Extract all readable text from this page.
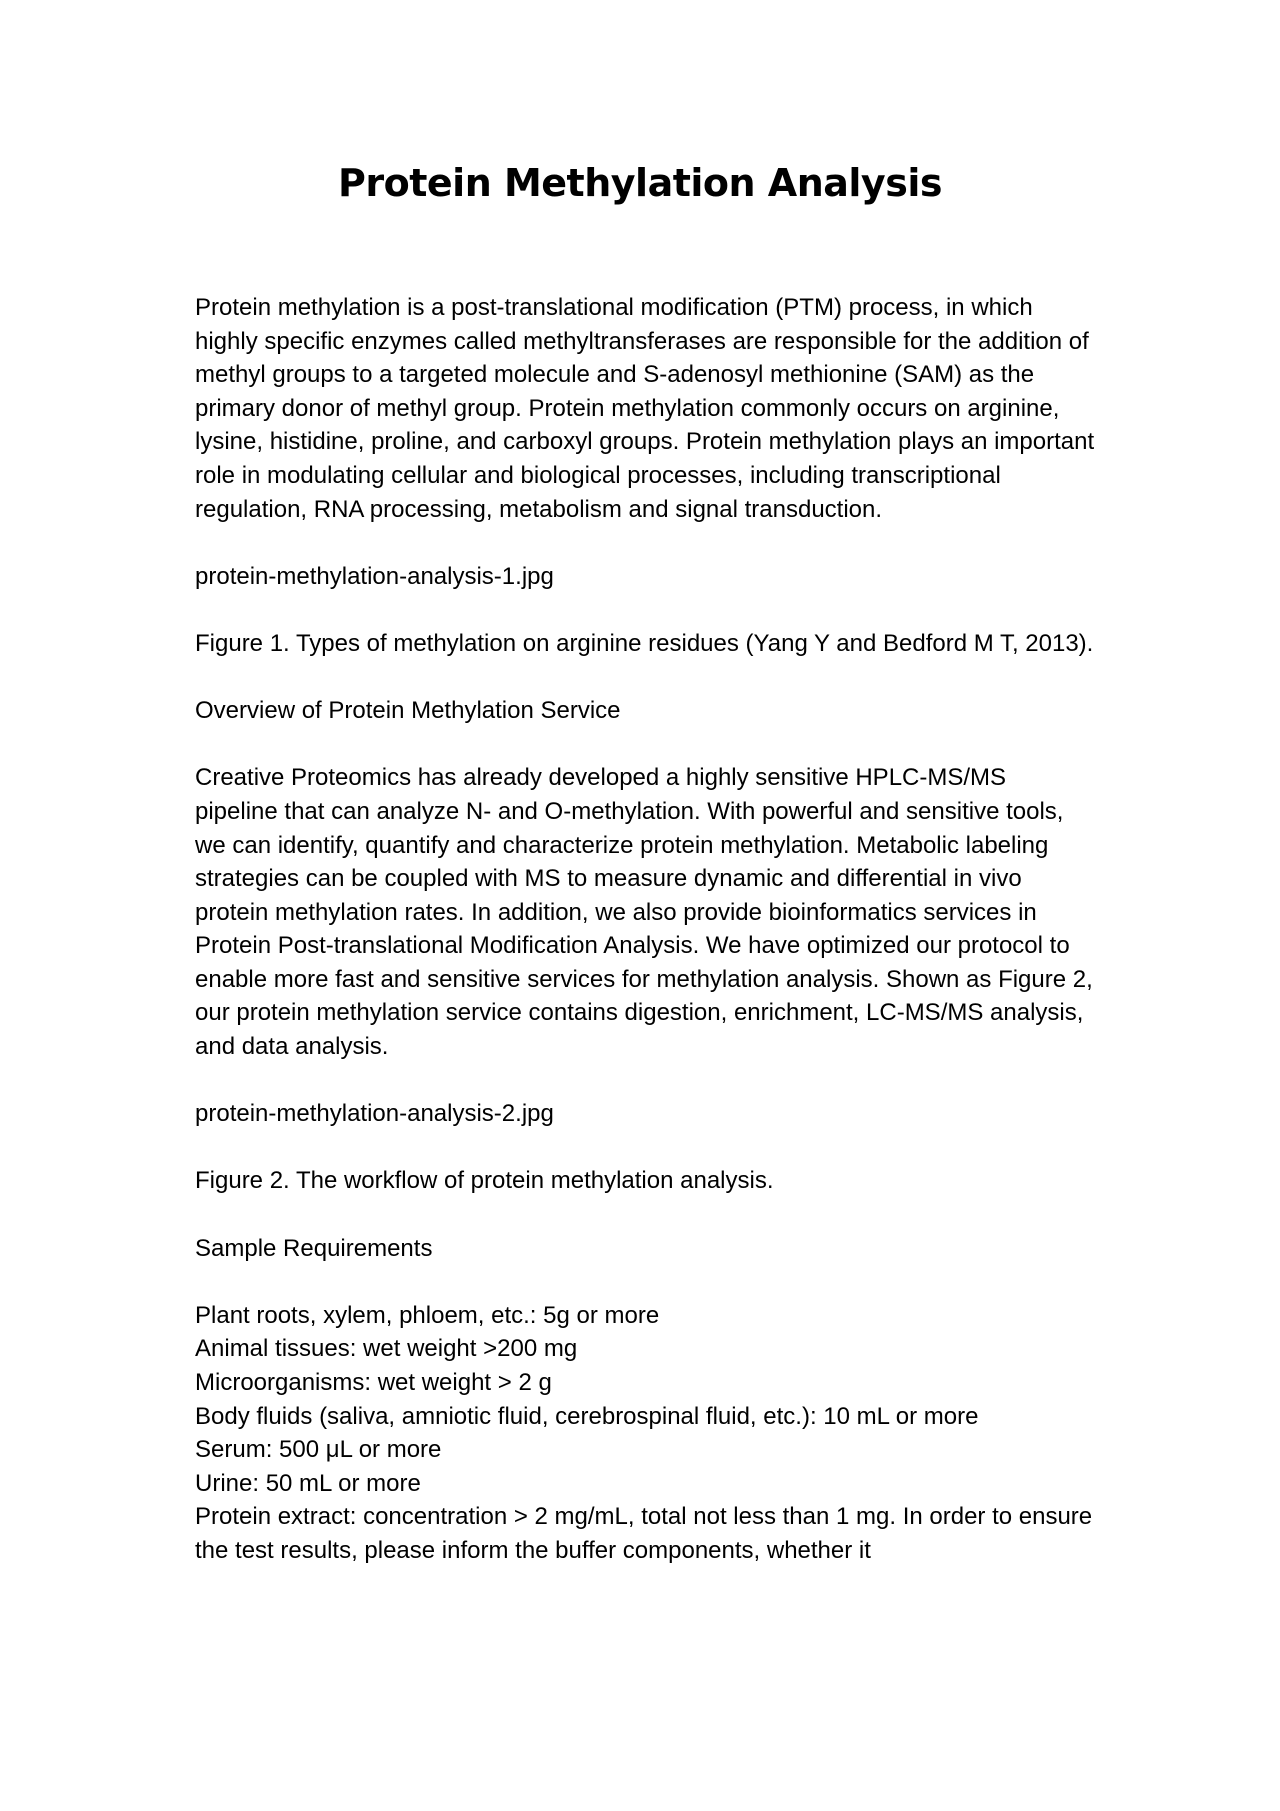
Protein Methylation Analysis

Protein methylation is a post-translational modification (PTM) process, in which highly specific enzymes called methyltransferases are responsible for the addition of methyl groups to a targeted molecule and S-adenosyl methionine (SAM) as the primary donor of methyl group. Protein methylation commonly occurs on arginine, lysine, histidine, proline, and carboxyl groups. Protein methylation plays an important role in modulating cellular and biological processes, including transcriptional regulation, RNA processing, metabolism and signal transduction.

protein-methylation-analysis-1.jpg

Figure 1. Types of methylation on arginine residues (Yang Y and Bedford M T, 2013).

Overview of Protein Methylation Service

Creative Proteomics has already developed a highly sensitive HPLC-MS/MS pipeline that can analyze N- and O-methylation. With powerful and sensitive tools, we can identify, quantify and characterize protein methylation. Metabolic labeling strategies can be coupled with MS to measure dynamic and differential in vivo protein methylation rates. In addition, we also provide bioinformatics services in Protein Post-translational Modification Analysis. We have optimized our protocol to enable more fast and sensitive services for methylation analysis. Shown as Figure 2, our protein methylation service contains digestion, enrichment, LC-MS/MS analysis, and data analysis.

protein-methylation-analysis-2.jpg

Figure 2. The workflow of protein methylation analysis.

Sample Requirements

Plant roots, xylem, phloem, etc.: 5g or more
Animal tissues: wet weight >200 mg
Microorganisms: wet weight > 2 g
Body fluids (saliva, amniotic fluid, cerebrospinal fluid, etc.): 10 mL or more
Serum: 500 μL or more
Urine: 50 mL or more
Protein extract: concentration > 2 mg/mL, total not less than 1 mg. In order to ensure the test results, please inform the buffer components, whether it
